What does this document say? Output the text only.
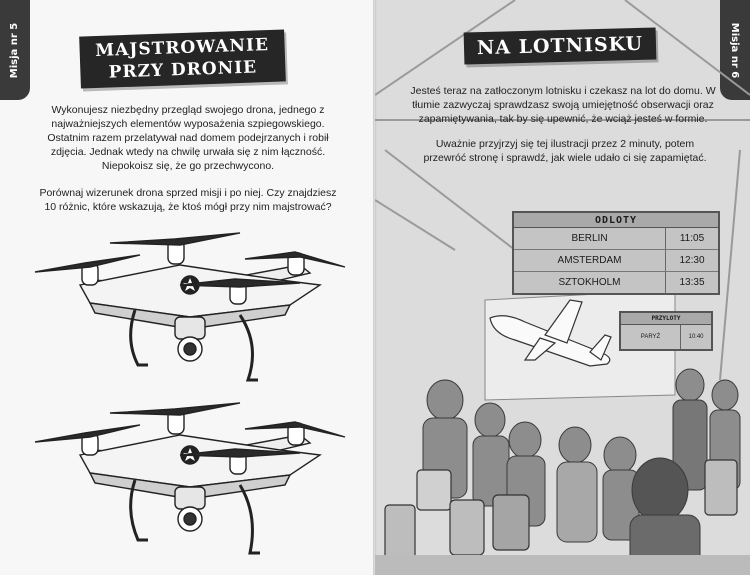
Misja nr 5	MAJSTROWANIE
PRZY DRONIE

Wykonujesz niezbędny przegląd swojego drona, jednego z najważniejszych elementów wyposażenia szpiegowskiego. Ostatnim razem przelatywał nad domem podejrzanych i robił zdjęcia. Jednak wtedy na chwilę urwała się z nim łączność. Niepokoisz się, że go przechwycono.

Porównaj wizerunek drona sprzed misji i po niej. Czy znajdziesz 10 różnic, które wskazują, że ktoś mógł przy nim majstrować?

Misja nr 6

Jesteś teraz na zatłoczonym lotnisku i czekasz na lot do domu. W tłumie zazwyczaj sprawdzasz swoją umiejętność obserwacji oraz zapamiętywania, tak by się upewnić, że wciąż jesteś w formie.

Uważnie przyjrzyj się tej ilustracji przez 2 minuty, potem przewróć stronę i sprawdź, jak wiele udało ci się zapamiętać.

NA LOTNISKU
ODLOTY
BERLIN	11:05
AMSTERDAM	12:30
SZTOKHOLM	13:35
PRZYLOTY
PARYŻ	10:40
